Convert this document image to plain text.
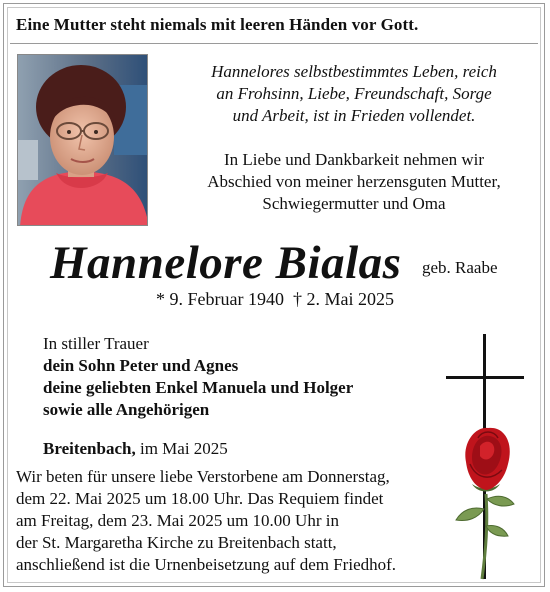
Eine Mutter steht niemals mit leeren Händen vor Gott.
Hannelores selbstbestimmtes Leben, reich
an Frohsinn, Liebe, Freundschaft, Sorge
und Arbeit, ist in Frieden vollendet.
In Liebe und Dankbarkeit nehmen wir
Abschied von meiner herzensguten Mutter,
Schwiegermutter und Oma
Hannelore Bialas geb. Raabe
* 9. Februar 1940  † 2. Mai 2025
In stiller Trauer
dein Sohn Peter und Agnes
deine geliebten Enkel Manuela und Holger
sowie alle Angehörigen
Breitenbach, im Mai 2025
Wir beten für unsere liebe Verstorbene am Donnerstag,
dem 22. Mai 2025 um 18.00 Uhr. Das Requiem findet
am Freitag, dem 23. Mai 2025 um 10.00 Uhr in
der St. Margaretha Kirche zu Breitenbach statt,
anschließend ist die Urnenbeisetzung auf dem Friedhof.
